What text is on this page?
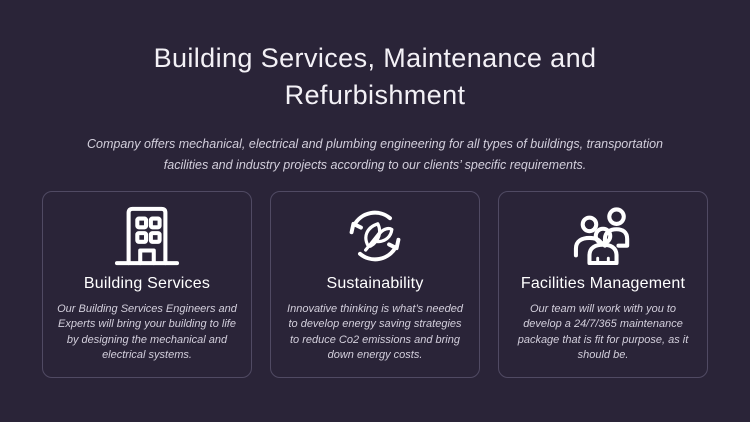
Building Services, Maintenance and Refurbishment

Company offers mechanical, electrical and plumbing engineering for all types of buildings, transportation facilities and industry projects according to our clients’ specific requirements.

Building Services

Our Building Services Engineers and Experts will bring your building to life by designing the mechanical and electrical systems.

Sustainability

Innovative thinking is what’s needed to develop energy saving strategies to reduce Co2 emissions and bring down energy costs.

Facilities Management

Our team will work with you to develop a 24/7/365 maintenance package that is fit for purpose, as it should be.
